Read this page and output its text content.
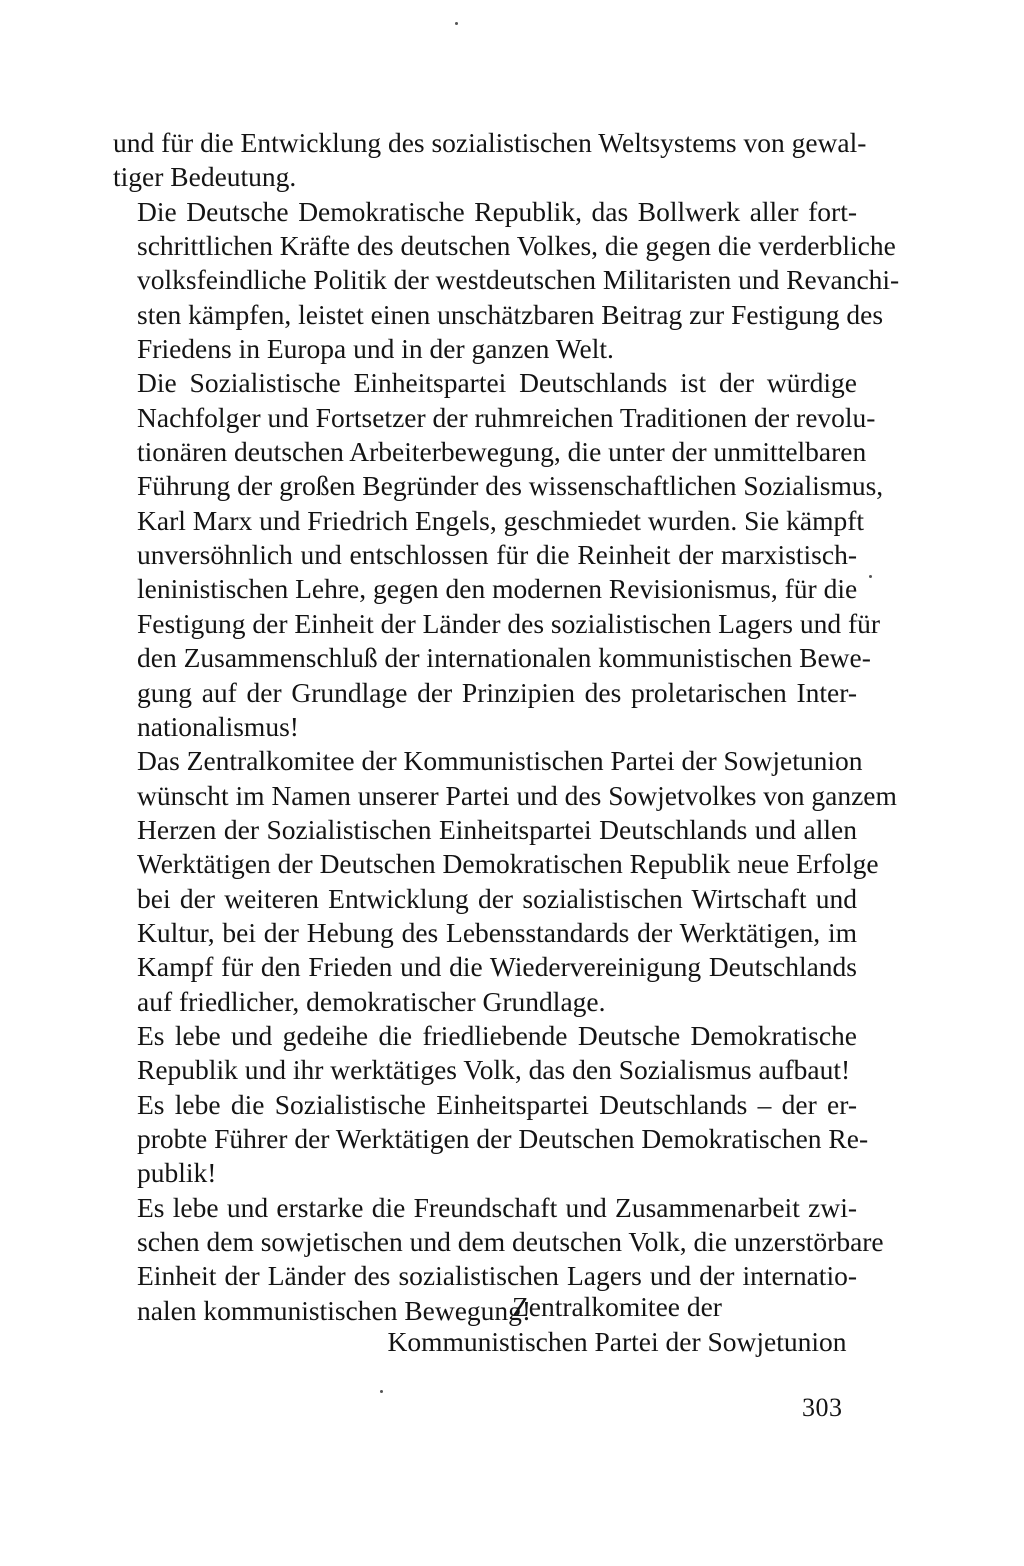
und für die Entwicklung des sozialistischen Weltsystems von gewal-
tiger Bedeutung.

Die Deutsche Demokratische Republik, das Bollwerk aller fort-
schrittlichen Kräfte des deutschen Volkes, die gegen die verderbliche
volksfeindliche Politik der westdeutschen Militaristen und Revanchi-
sten kämpfen, leistet einen unschätzbaren Beitrag zur Festigung des
Friedens in Europa und in der ganzen Welt.

Die Sozialistische Einheitspartei Deutschlands ist der würdige
Nachfolger und Fortsetzer der ruhmreichen Traditionen der revolu-
tionären deutschen Arbeiterbewegung, die unter der unmittelbaren
Führung der großen Begründer des wissenschaftlichen Sozialismus,
Karl Marx und Friedrich Engels, geschmiedet wurden. Sie kämpft
unversöhnlich und entschlossen für die Reinheit der marxistisch-
leninistischen Lehre, gegen den modernen Revisionismus, für die
Festigung der Einheit der Länder des sozialistischen Lagers und für
den Zusammenschluß der internationalen kommunistischen Bewe-
gung auf der Grundlage der Prinzipien des proletarischen Inter-
nationalismus!

Das Zentralkomitee der Kommunistischen Partei der Sowjetunion
wünscht im Namen unserer Partei und des Sowjetvolkes von ganzem
Herzen der Sozialistischen Einheitspartei Deutschlands und allen
Werktätigen der Deutschen Demokratischen Republik neue Erfolge
bei der weiteren Entwicklung der sozialistischen Wirtschaft und
Kultur, bei der Hebung des Lebensstandards der Werktätigen, im
Kampf für den Frieden und die Wiedervereinigung Deutschlands
auf friedlicher, demokratischer Grundlage.

Es lebe und gedeihe die friedliebende Deutsche Demokratische
Republik und ihr werktätiges Volk, das den Sozialismus aufbaut!

Es lebe die Sozialistische Einheitspartei Deutschlands – der er-
probte Führer der Werktätigen der Deutschen Demokratischen Re-
publik!

Es lebe und erstarke die Freundschaft und Zusammenarbeit zwi-
schen dem sowjetischen und dem deutschen Volk, die unzerstörbare
Einheit der Länder des sozialistischen Lagers und der internatio-
nalen kommunistischen Bewegung!

Zentralkomitee der
Kommunistischen Partei der Sowjetunion
303
